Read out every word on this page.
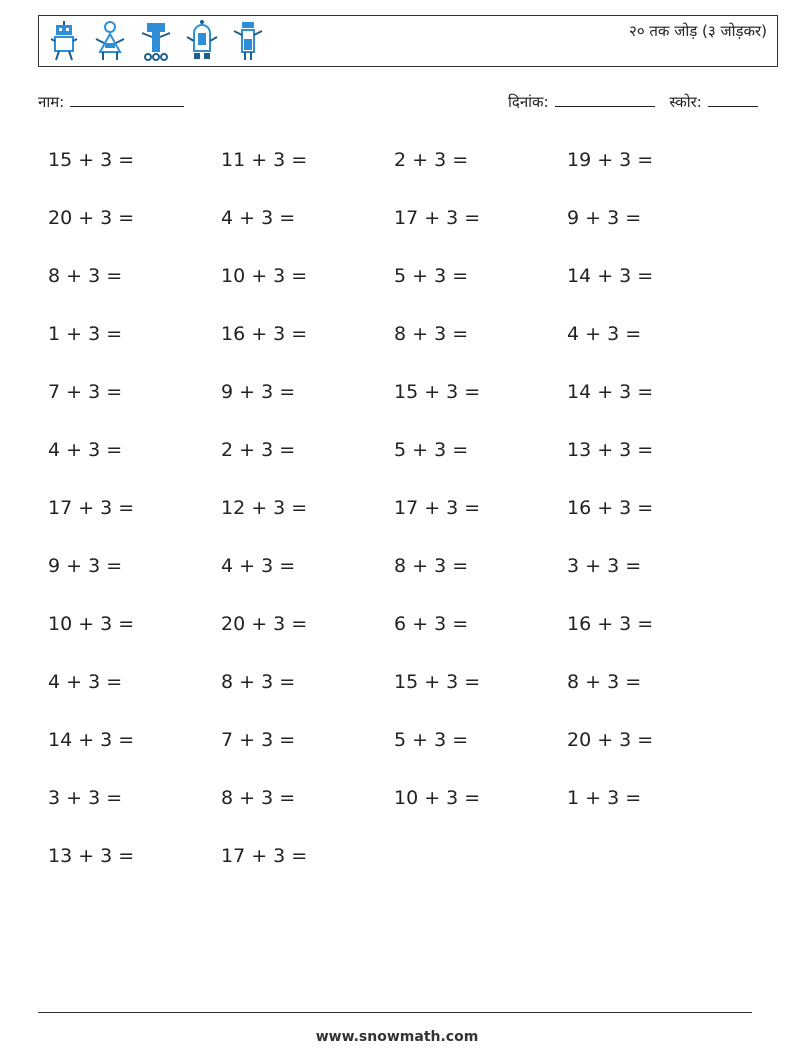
२० तक जोड़ (३ जोड़कर)
नाम:	दिनांक:	स्कोर:
15 + 3 =	11 + 3 =	2 + 3 =	19 + 3 =
20 + 3 =	4 + 3 =	17 + 3 =	9 + 3 =
8 + 3 =	10 + 3 =	5 + 3 =	14 + 3 =
1 + 3 =	16 + 3 =	8 + 3 =	4 + 3 =
7 + 3 =	9 + 3 =	15 + 3 =	14 + 3 =
4 + 3 =	2 + 3 =	5 + 3 =	13 + 3 =
17 + 3 =	12 + 3 =	17 + 3 =	16 + 3 =
9 + 3 =	4 + 3 =	8 + 3 =	3 + 3 =
10 + 3 =	20 + 3 =	6 + 3 =	16 + 3 =
4 + 3 =	8 + 3 =	15 + 3 =	8 + 3 =
14 + 3 =	7 + 3 =	5 + 3 =	20 + 3 =
3 + 3 =	8 + 3 =	10 + 3 =	1 + 3 =
13 + 3 =	17 + 3 =
www.snowmath.com
